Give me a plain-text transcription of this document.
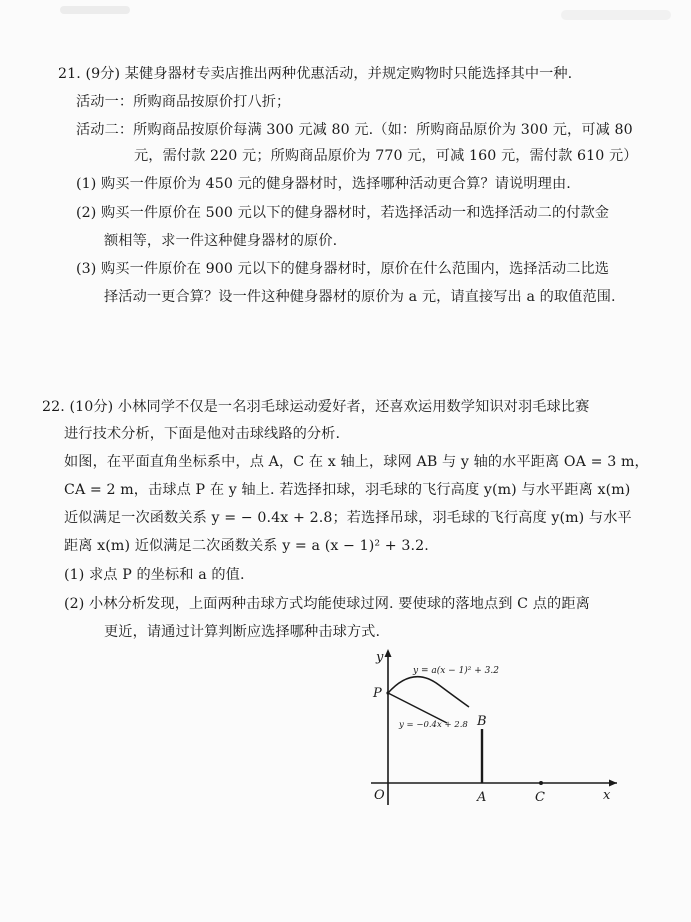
21. (9分) 某健身器材专卖店推出两种优惠活动，并规定购物时只能选择其中一种.
活动一：所购商品按原价打八折；
活动二：所购商品按原价每满 300 元减 80 元.（如：所购商品原价为 300 元，可减 80
元，需付款 220 元；所购商品原价为 770 元，可减 160 元，需付款 610 元）
(1) 购买一件原价为 450 元的健身器材时，选择哪种活动更合算？请说明理由.
(2) 购买一件原价在 500 元以下的健身器材时，若选择活动一和选择活动二的付款金
额相等，求一件这种健身器材的原价.
(3) 购买一件原价在 900 元以下的健身器材时，原价在什么范围内，选择活动二比选
择活动一更合算？设一件这种健身器材的原价为 a 元，请直接写出 a 的取值范围.
22. (10分) 小林同学不仅是一名羽毛球运动爱好者，还喜欢运用数学知识对羽毛球比赛
进行技术分析，下面是他对击球线路的分析.
如图，在平面直角坐标系中，点 A，C 在 x 轴上，球网 AB 与 y 轴的水平距离 OA = 3 m，
CA = 2 m，击球点 P 在 y 轴上. 若选择扣球，羽毛球的飞行高度 y(m) 与水平距离 x(m)
近似满足一次函数关系 y = − 0.4x + 2.8；若选择吊球，羽毛球的飞行高度 y(m) 与水平
距离 x(m) 近似满足二次函数关系 y = a (x − 1)² + 3.2.
(1) 求点 P 的坐标和 a 的值.
(2) 小林分析发现，上面两种击球方式均能使球过网. 要使球的落地点到 C 点的距离
更近，请通过计算判断应选择哪种击球方式.
y
x
O
P
A
B
C
y = a(x − 1)² + 3.2
y = −0.4x + 2.8
